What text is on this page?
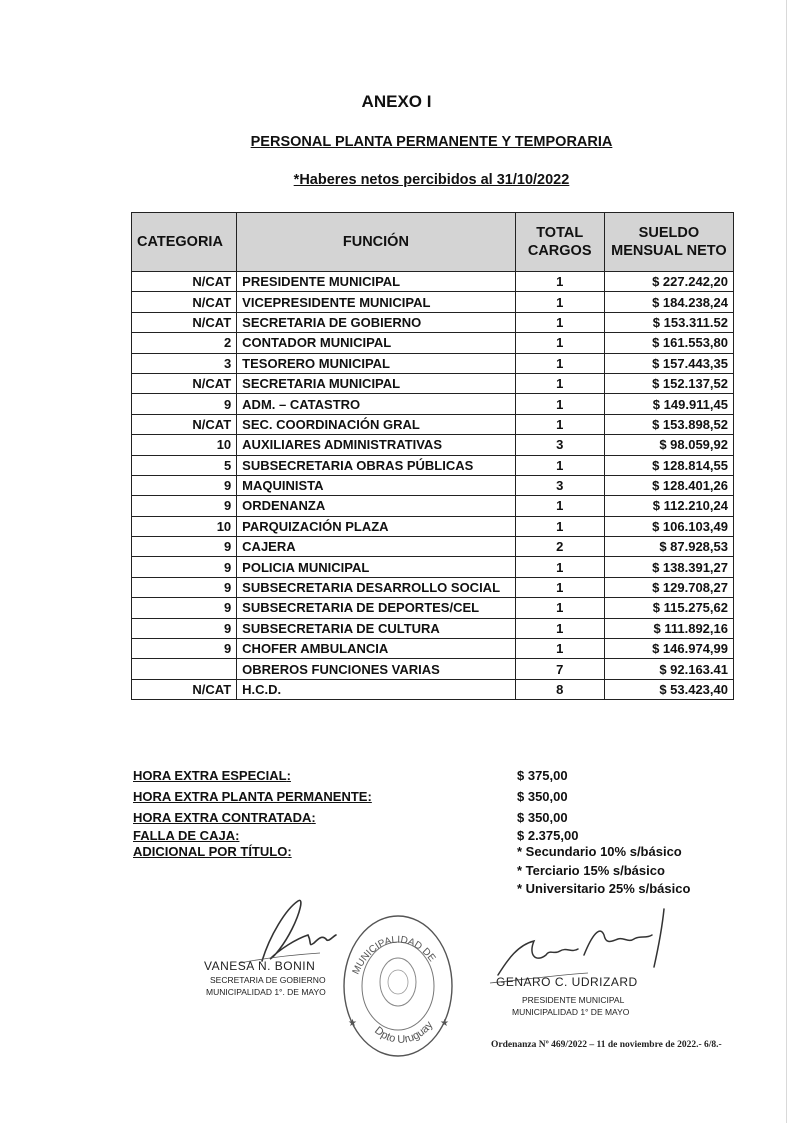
ANEXO I
PERSONAL PLANTA PERMANENTE Y TEMPORARIA
*Haberes netos percibidos al 31/10/2022
CATEGORIA	FUNCIÓN	TOTAL CARGOS	SUELDO MENSUAL NETO
N/CAT	PRESIDENTE MUNICIPAL	1	$ 227.242,20
N/CAT	VICEPRESIDENTE MUNICIPAL	1	$ 184.238,24
N/CAT	SECRETARIA DE GOBIERNO	1	$ 153.311.52
2	CONTADOR MUNICIPAL	1	$ 161.553,80
3	TESORERO MUNICIPAL	1	$ 157.443,35
N/CAT	SECRETARIA MUNICIPAL	1	$ 152.137,52
9	ADM. – CATASTRO	1	$ 149.911,45
N/CAT	SEC. COORDINACIÓN GRAL	1	$ 153.898,52
10	AUXILIARES ADMINISTRATIVAS	3	$ 98.059,92
5	SUBSECRETARIA OBRAS PÚBLICAS	1	$ 128.814,55
9	MAQUINISTA	3	$ 128.401,26
9	ORDENANZA	1	$ 112.210,24
10	PARQUIZACIÓN PLAZA	1	$ 106.103,49
9	CAJERA	2	$ 87.928,53
9	POLICIA MUNICIPAL	1	$ 138.391,27
9	SUBSECRETARIA DESARROLLO SOCIAL	1	$ 129.708,27
9	SUBSECRETARIA DE DEPORTES/CEL	1	$ 115.275,62
9	SUBSECRETARIA DE CULTURA	1	$ 111.892,16
9	CHOFER AMBULANCIA	1	$ 146.974,99
	OBREROS FUNCIONES VARIAS	7	$ 92.163.41
N/CAT	H.C.D.	8	$ 53.423,40
HORA EXTRA ESPECIAL:	$ 375,00
HORA EXTRA PLANTA PERMANENTE:	$ 350,00
HORA EXTRA CONTRATADA:	$ 350,00
FALLA DE CAJA:	$ 2.375,00
ADICIONAL POR TÍTULO:	* Secundario 10% s/básico
* Terciario 15% s/básico
* Universitario 25% s/básico
VANESA N. BONIN
SECRETARIA DE GOBIERNO
MUNICIPALIDAD 1°. DE MAYO
MUNICIPALIDAD DE
Dpto Uruguay
★	★
GENARO C. UDRIZARD
PRESIDENTE MUNICIPAL
MUNICIPALIDAD 1° DE MAYO
Ordenanza Nº 469/2022 – 11 de noviembre de 2022.- 6/8.-
